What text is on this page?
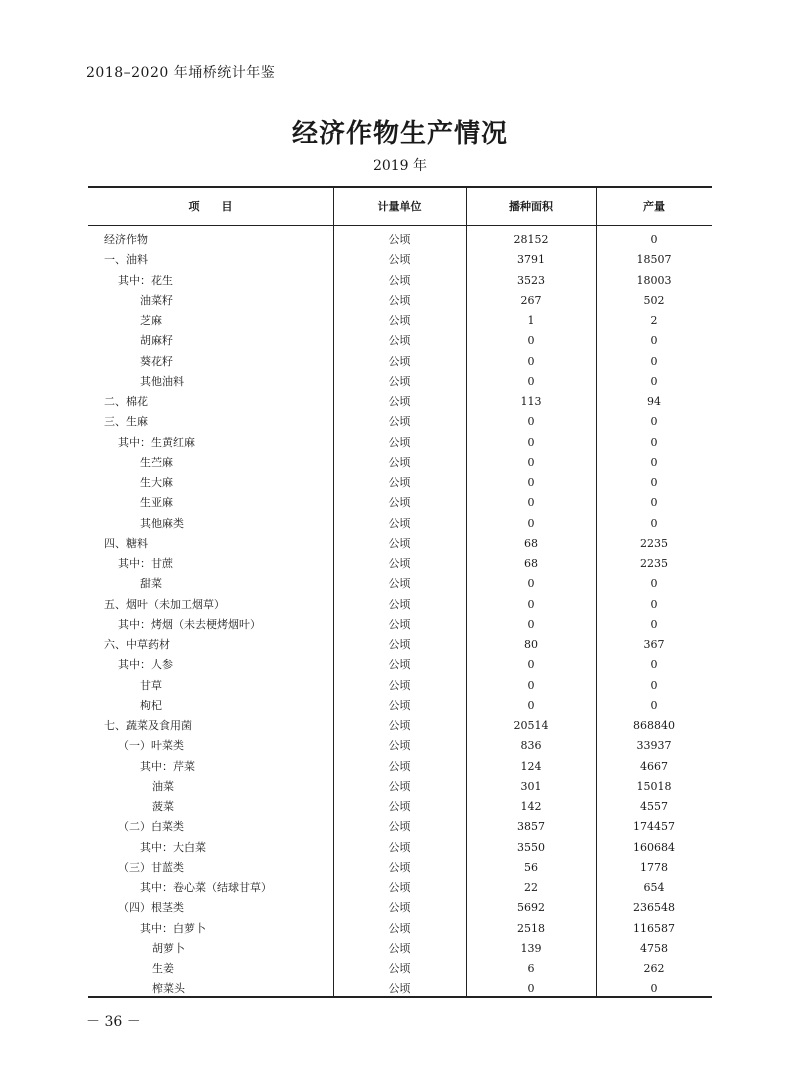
2018–2020 年埇桥统计年鉴
经济作物生产情况
2019 年
项　　目	计量单位	播种面积	产量
经济作物	公顷	28152	0
一、油料	公顷	3791	18507
其中：花生	公顷	3523	18003
油菜籽	公顷	267	502
芝麻	公顷	1	2
胡麻籽	公顷	0	0
葵花籽	公顷	0	0
其他油料	公顷	0	0
二、棉花	公顷	113	94
三、生麻	公顷	0	0
其中：生黄红麻	公顷	0	0
生苎麻	公顷	0	0
生大麻	公顷	0	0
生亚麻	公顷	0	0
其他麻类	公顷	0	0
四、糖料	公顷	68	2235
其中：甘蔗	公顷	68	2235
甜菜	公顷	0	0
五、烟叶（未加工烟草）	公顷	0	0
其中：烤烟（未去梗烤烟叶）	公顷	0	0
六、中草药材	公顷	80	367
其中：人参	公顷	0	0
甘草	公顷	0	0
枸杞	公顷	0	0
七、蔬菜及食用菌	公顷	20514	868840
（一）叶菜类	公顷	836	33937
其中：芹菜	公顷	124	4667
油菜	公顷	301	15018
菠菜	公顷	142	4557
（二）白菜类	公顷	3857	174457
其中：大白菜	公顷	3550	160684
（三）甘蓝类	公顷	56	1778
其中：卷心菜（结球甘草）	公顷	22	654
（四）根茎类	公顷	5692	236548
其中：白萝卜	公顷	2518	116587
胡萝卜	公顷	139	4758
生姜	公顷	6	262
榨菜头	公顷	0	0
－ 36 －
